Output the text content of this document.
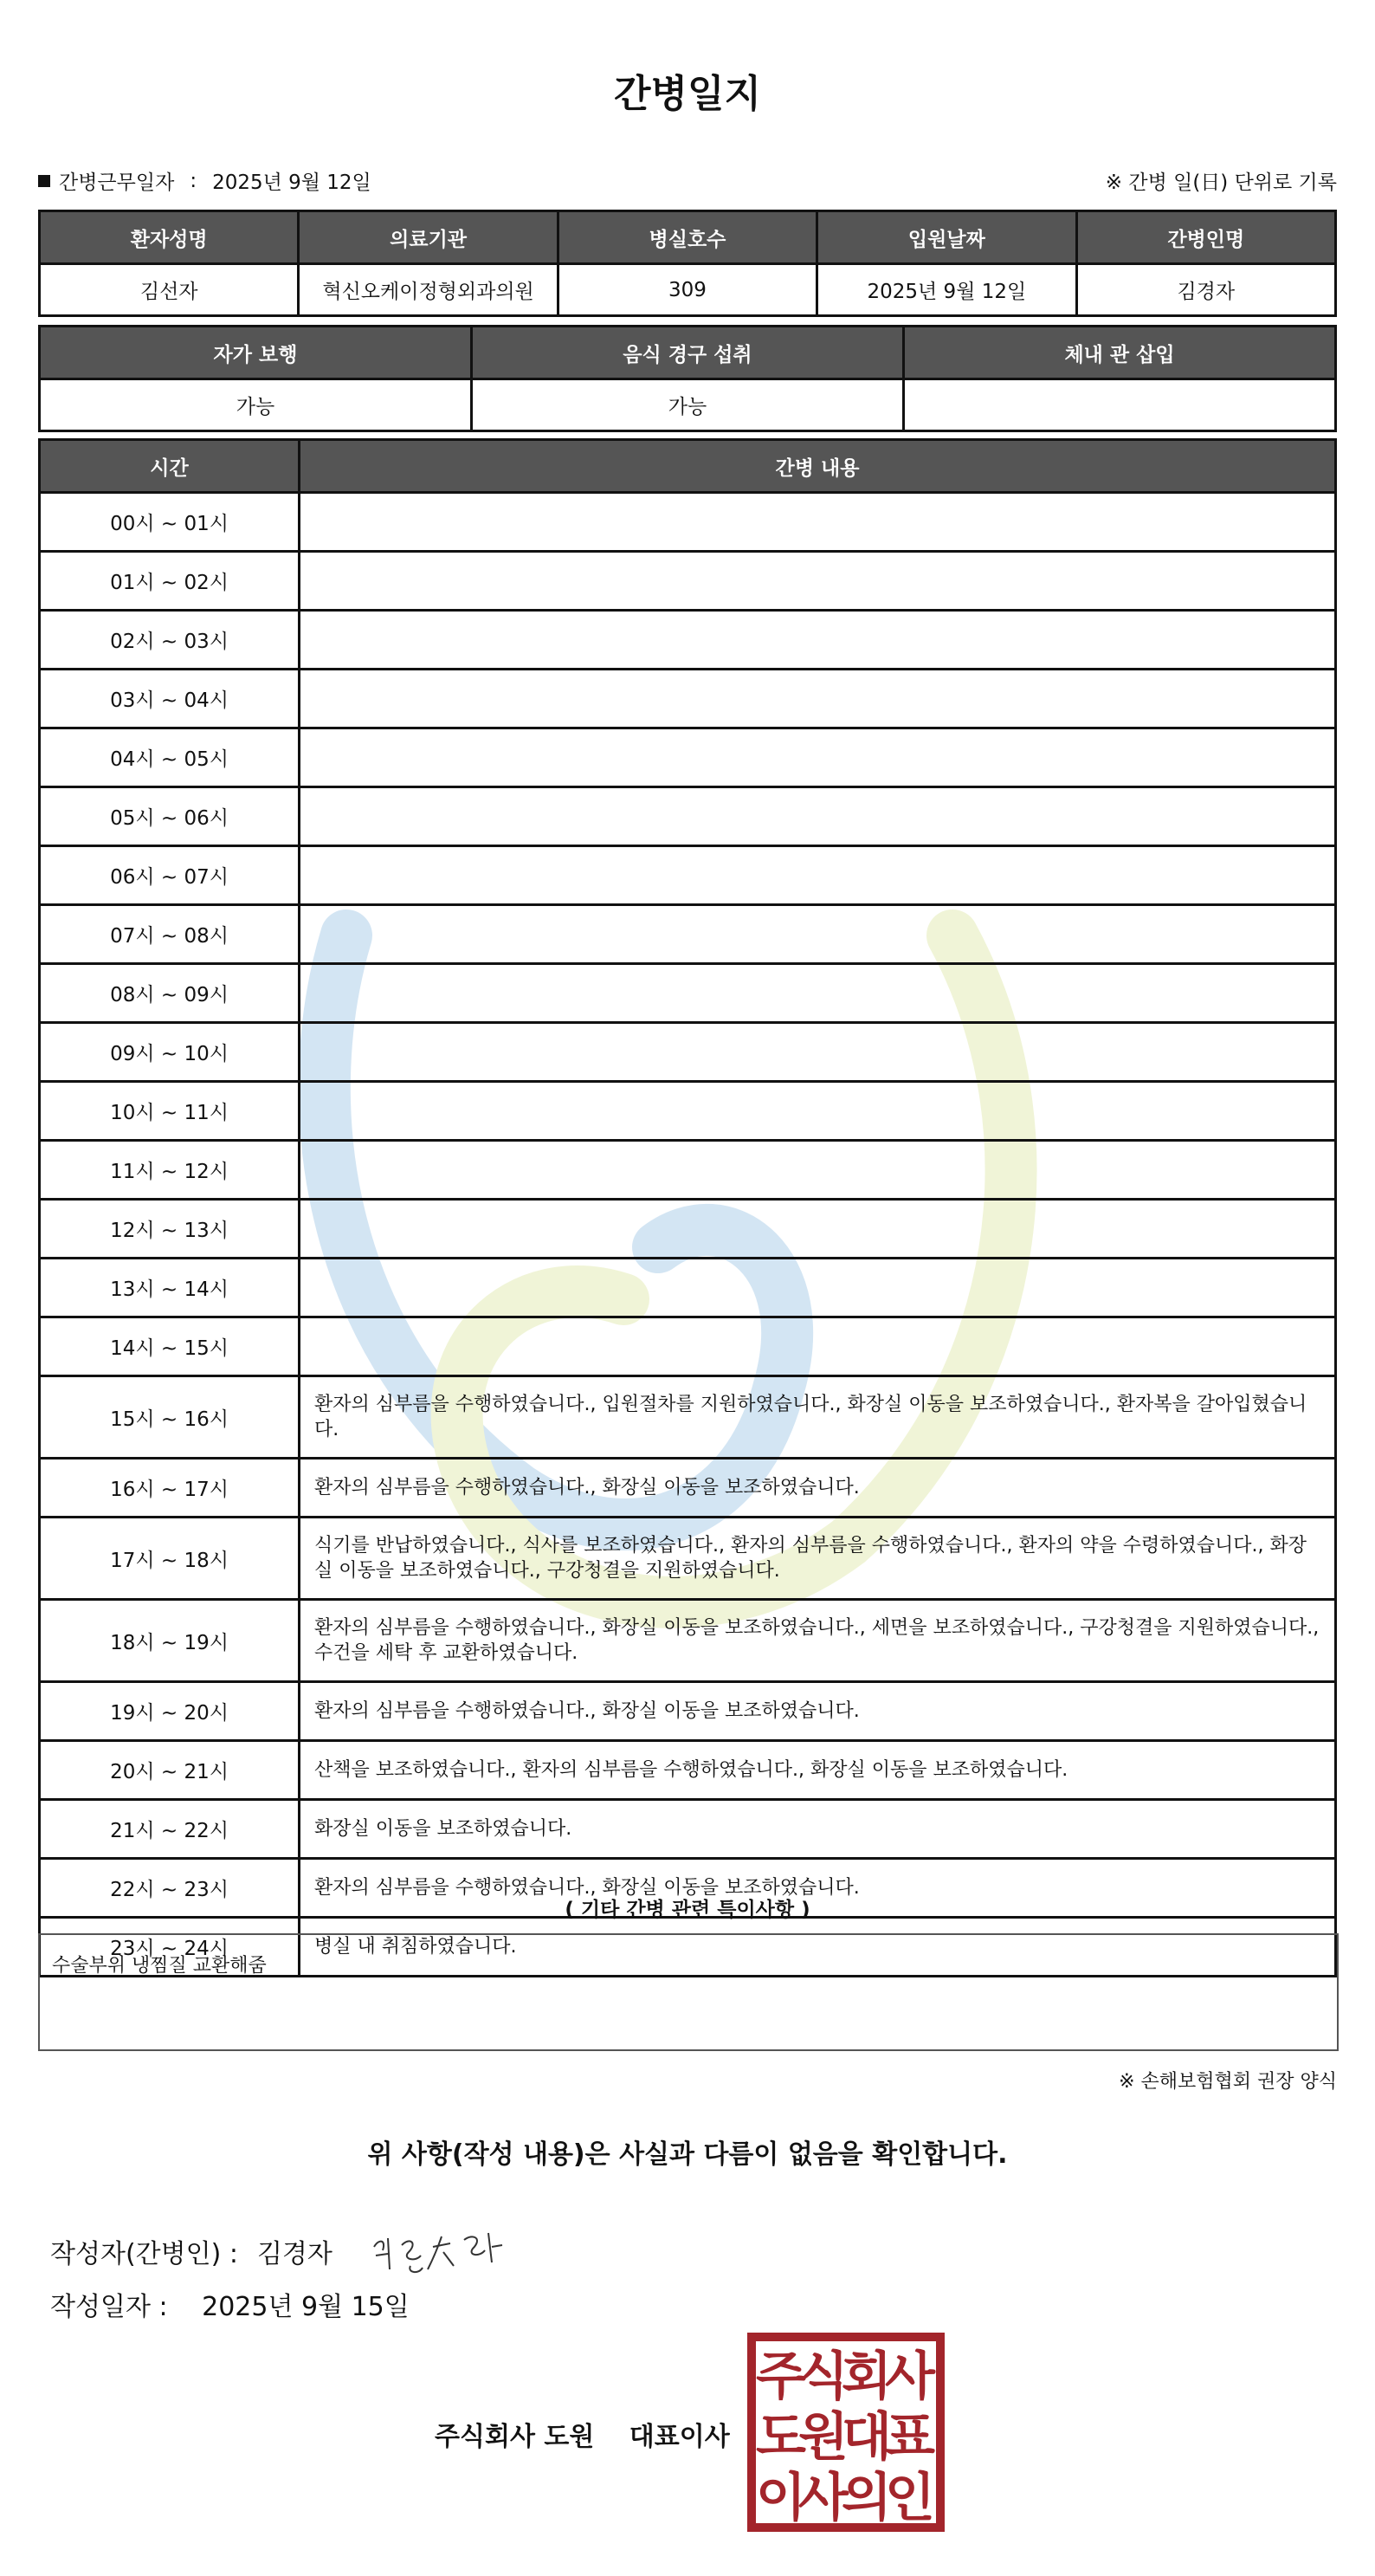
간병일지
간병근무일자 : 2025년 9월 12일	※ 간병 일(日) 단위로 기록
환자성명	의료기관	병실호수	입원날짜	간병인명
김선자	혁신오케이정형외과의원	309	2025년 9월 12일	김경자
자가 보행	음식 경구 섭취	체내 관 삽입
가능	가능	
시간	간병 내용
00시 ~ 01시	
01시 ~ 02시	
02시 ~ 03시	
03시 ~ 04시	
04시 ~ 05시	
05시 ~ 06시	
06시 ~ 07시	
07시 ~ 08시	
08시 ~ 09시	
09시 ~ 10시	
10시 ~ 11시	
11시 ~ 12시	
12시 ~ 13시	
13시 ~ 14시	
14시 ~ 15시	
15시 ~ 16시	환자의 심부름을 수행하였습니다., 입원절차를 지원하였습니다., 화장실 이동을 보조하였습니다., 환자복을 갈아입혔습니다.
16시 ~ 17시	환자의 심부름을 수행하였습니다., 화장실 이동을 보조하였습니다.
17시 ~ 18시	식기를 반납하였습니다., 식사를 보조하였습니다., 환자의 심부름을 수행하였습니다., 환자의 약을 수령하였습니다., 화장실 이동을 보조하였습니다., 구강청결을 지원하였습니다.
18시 ~ 19시	환자의 심부름을 수행하였습니다., 화장실 이동을 보조하였습니다., 세면을 보조하였습니다., 구강청결을 지원하였습니다., 수건을 세탁 후 교환하였습니다.
19시 ~ 20시	환자의 심부름을 수행하였습니다., 화장실 이동을 보조하였습니다.
20시 ~ 21시	산책을 보조하였습니다., 환자의 심부름을 수행하였습니다., 화장실 이동을 보조하였습니다.
21시 ~ 22시	화장실 이동을 보조하였습니다.
22시 ~ 23시	환자의 심부름을 수행하였습니다., 화장실 이동을 보조하였습니다.
23시 ~ 24시	병실 내 취침하였습니다.
( 기타 간병 관련 특이사항 )
수술부위 냉찜질 교환해줌
※ 손해보험협회 권장 양식
위 사항(작성 내용)은 사실과 다름이 없음을 확인합니다.
작성자(간병인) : 김경자
작성일자 : 2025년 9월 15일
주식회사 도원 대표이사
주
식
회
사
도
원
대
표
이
사
의
인
